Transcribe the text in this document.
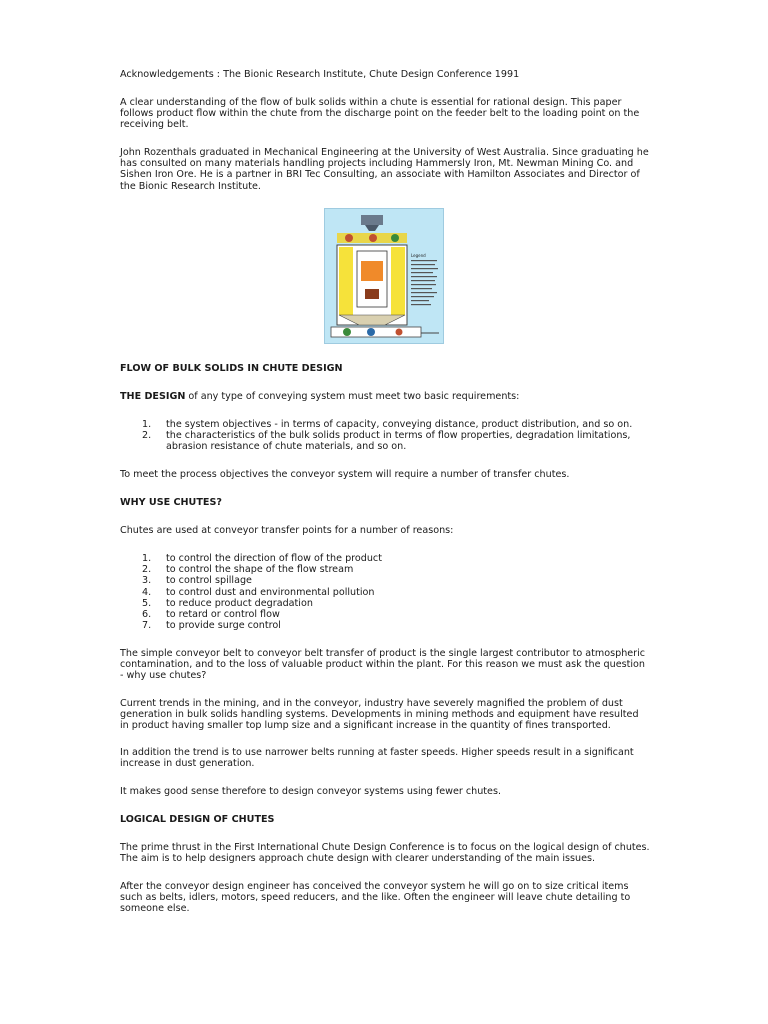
Acknowledgements : The Bionic Research Institute, Chute Design Conference 1991

A clear understanding of the flow of bulk solids within a chute is essential for rational design. This paper follows product flow within the chute from the discharge point on the feeder belt to the loading point on the receiving belt.

John Rozenthals graduated in Mechanical Engineering at the University of West Australia. Since graduating he has consulted on many materials handling projects including Hammersly Iron, Mt. Newman Mining Co. and Sishen Iron Ore. He is a partner in BRI Tec Consulting, an associate with Hamilton Associates and Director of the Bionic Research Institute.

Legend

FLOW OF BULK SOLIDS IN CHUTE DESIGN

THE DESIGN of any type of conveying system must meet two basic requirements:

1. the system objectives - in terms of capacity, conveying distance, product distribution, and so on.
2. the characteristics of the bulk solids product in terms of flow properties, degradation limitations, abrasion resistance of chute materials, and so on.

To meet the process objectives the conveyor system will require a number of transfer chutes.

WHY USE CHUTES?

Chutes are used at conveyor transfer points for a number of reasons:

1. to control the direction of flow of the product
2. to control the shape of the flow stream
3. to control spillage
4. to control dust and environmental pollution
5. to reduce product degradation
6. to retard or control flow
7. to provide surge control

The simple conveyor belt to conveyor belt transfer of product is the single largest contributor to atmospheric contamination, and to the loss of valuable product within the plant. For this reason we must ask the question - why use chutes?

Current trends in the mining, and in the conveyor, industry have severely magnified the problem of dust generation in bulk solids handling systems. Developments in mining methods and equipment have resulted in product having smaller top lump size and a significant increase in the quantity of fines transported.

In addition the trend is to use narrower belts running at faster speeds. Higher speeds result in a significant increase in dust generation.

It makes good sense therefore to design conveyor systems using fewer chutes.

LOGICAL DESIGN OF CHUTES

The prime thrust in the First International Chute Design Conference is to focus on the logical design of chutes. The aim is to help designers approach chute design with clearer understanding of the main issues.

After the conveyor design engineer has conceived the conveyor system he will go on to size critical items such as belts, idlers, motors, speed reducers, and the like. Often the engineer will leave chute detailing to someone else.
